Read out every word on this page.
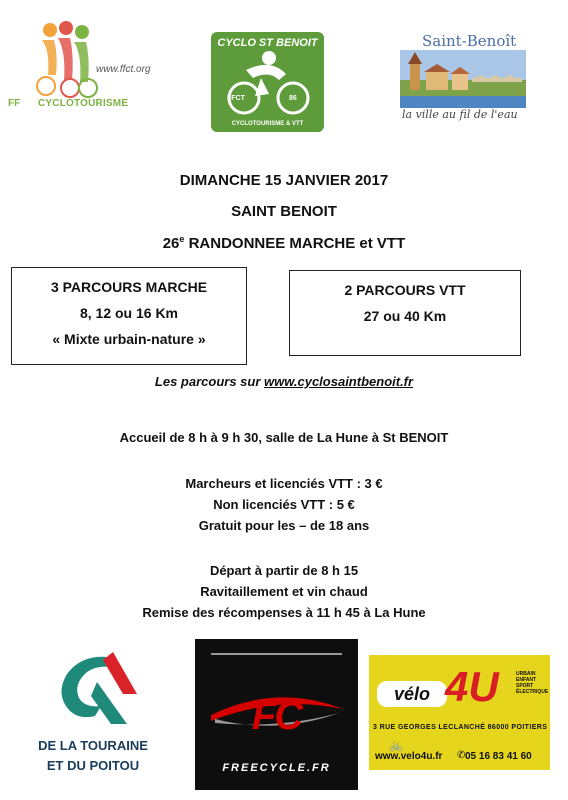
www.ffct.org
FF CYCLOTOURISME
CYCLO ST BENOIT
FFCT	86
CYCLOTOURISME & VTT
Saint-Benoît
la ville au fil de l'eau
DIMANCHE 15 JANVIER 2017
SAINT BENOIT
26e RANDONNEE MARCHE et VTT
3 PARCOURS MARCHE
8, 12 ou 16 Km
« Mixte urbain-nature »
2 PARCOURS VTT
27 ou 40 Km
Les parcours sur www.cyclosaintbenoit.fr
Accueil de 8 h à 9 h 30, salle de La Hune à St BENOIT
Marcheurs et licenciés VTT : 3 €
Non licenciés VTT : 5 €
Gratuit pour les – de 18 ans
Départ à partir de 8 h 15
Ravitaillement et vin chaud
Remise des récompenses à 11 h 45 à La Hune
DE LA TOURAINE
ET DU POITOU
FC
FREECYCLE.FR
vélo 4U	URBAIN
ENFANT
SPORT
ÉLECTRIQUE
3 RUE GEORGES LECLANCHÉ 86000 POITIERS
🚲
www.velo4u.fr ✆ 05 16 83 41 60
